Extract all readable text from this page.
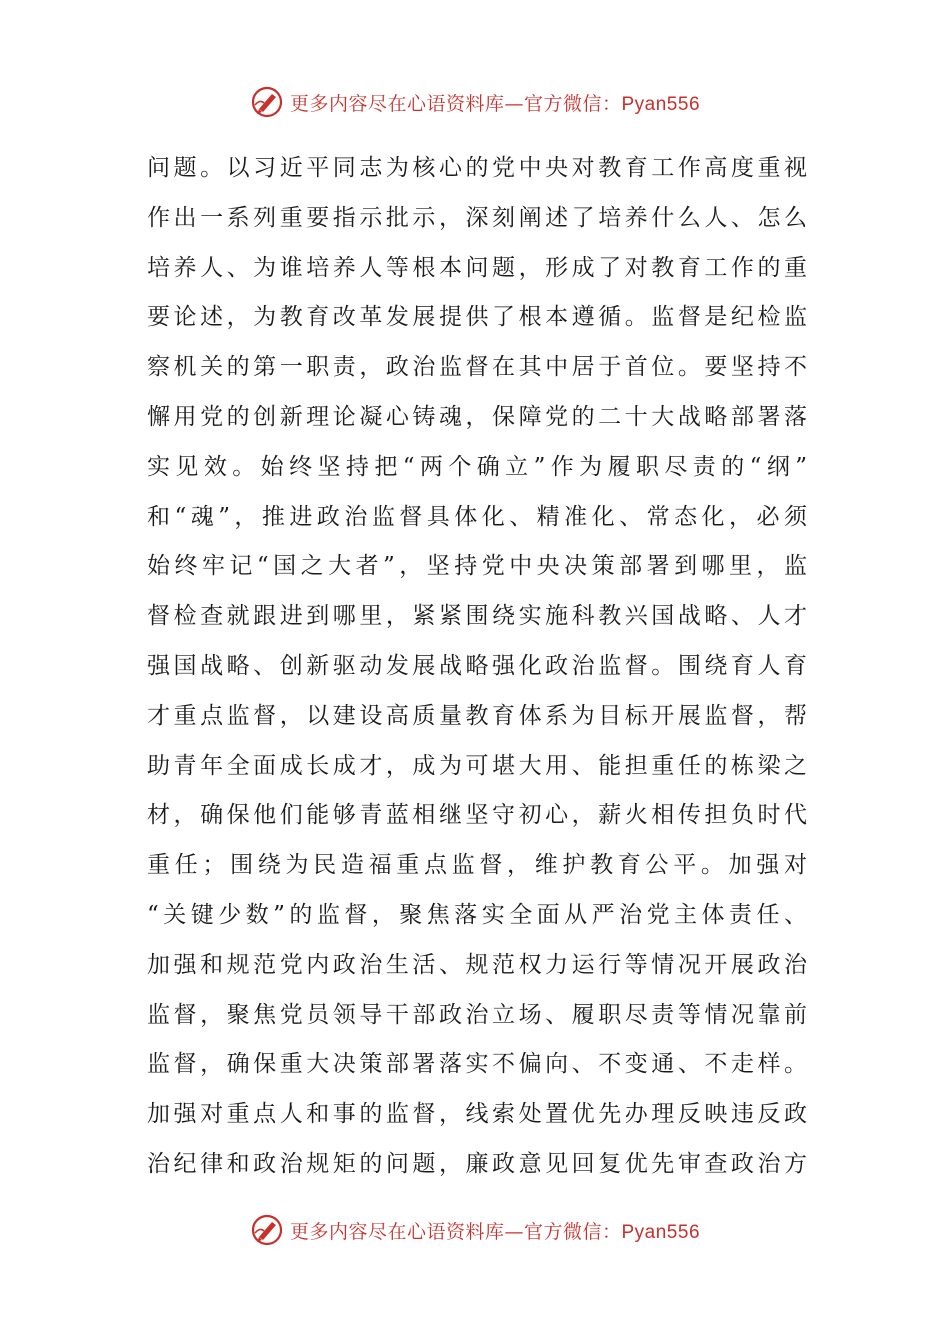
更多内容尽在心语资料库—官方微信：Pyan556
问题。以习近平同志为核心的党中央对教育工作高度重视
作出一系列重要指示批示，深刻阐述了培养什么人、怎么
培养人、为谁培养人等根本问题，形成了对教育工作的重
要论述，为教育改革发展提供了根本遵循。监督是纪检监
察机关的第一职责，政治监督在其中居于首位。要坚持不
懈用党的创新理论凝心铸魂，保障党的二十大战略部署落
实见效。始终坚持把“两个确立”作为履职尽责的“纲”
和“魂”，推进政治监督具体化、精准化、常态化，必须
始终牢记“国之大者”，坚持党中央决策部署到哪里，监
督检查就跟进到哪里，紧紧围绕实施科教兴国战略、人才
强国战略、创新驱动发展战略强化政治监督。围绕育人育
才重点监督，以建设高质量教育体系为目标开展监督，帮
助青年全面成长成才，成为可堪大用、能担重任的栋梁之
材，确保他们能够青蓝相继坚守初心，薪火相传担负时代
重任；围绕为民造福重点监督，维护教育公平。加强对
“关键少数”的监督，聚焦落实全面从严治党主体责任、
加强和规范党内政治生活、规范权力运行等情况开展政治
监督，聚焦党员领导干部政治立场、履职尽责等情况靠前
监督，确保重大决策部署落实不偏向、不变通、不走样。
加强对重点人和事的监督，线索处置优先办理反映违反政
治纪律和政治规矩的问题，廉政意见回复优先审查政治方
更多内容尽在心语资料库—官方微信：Pyan556
